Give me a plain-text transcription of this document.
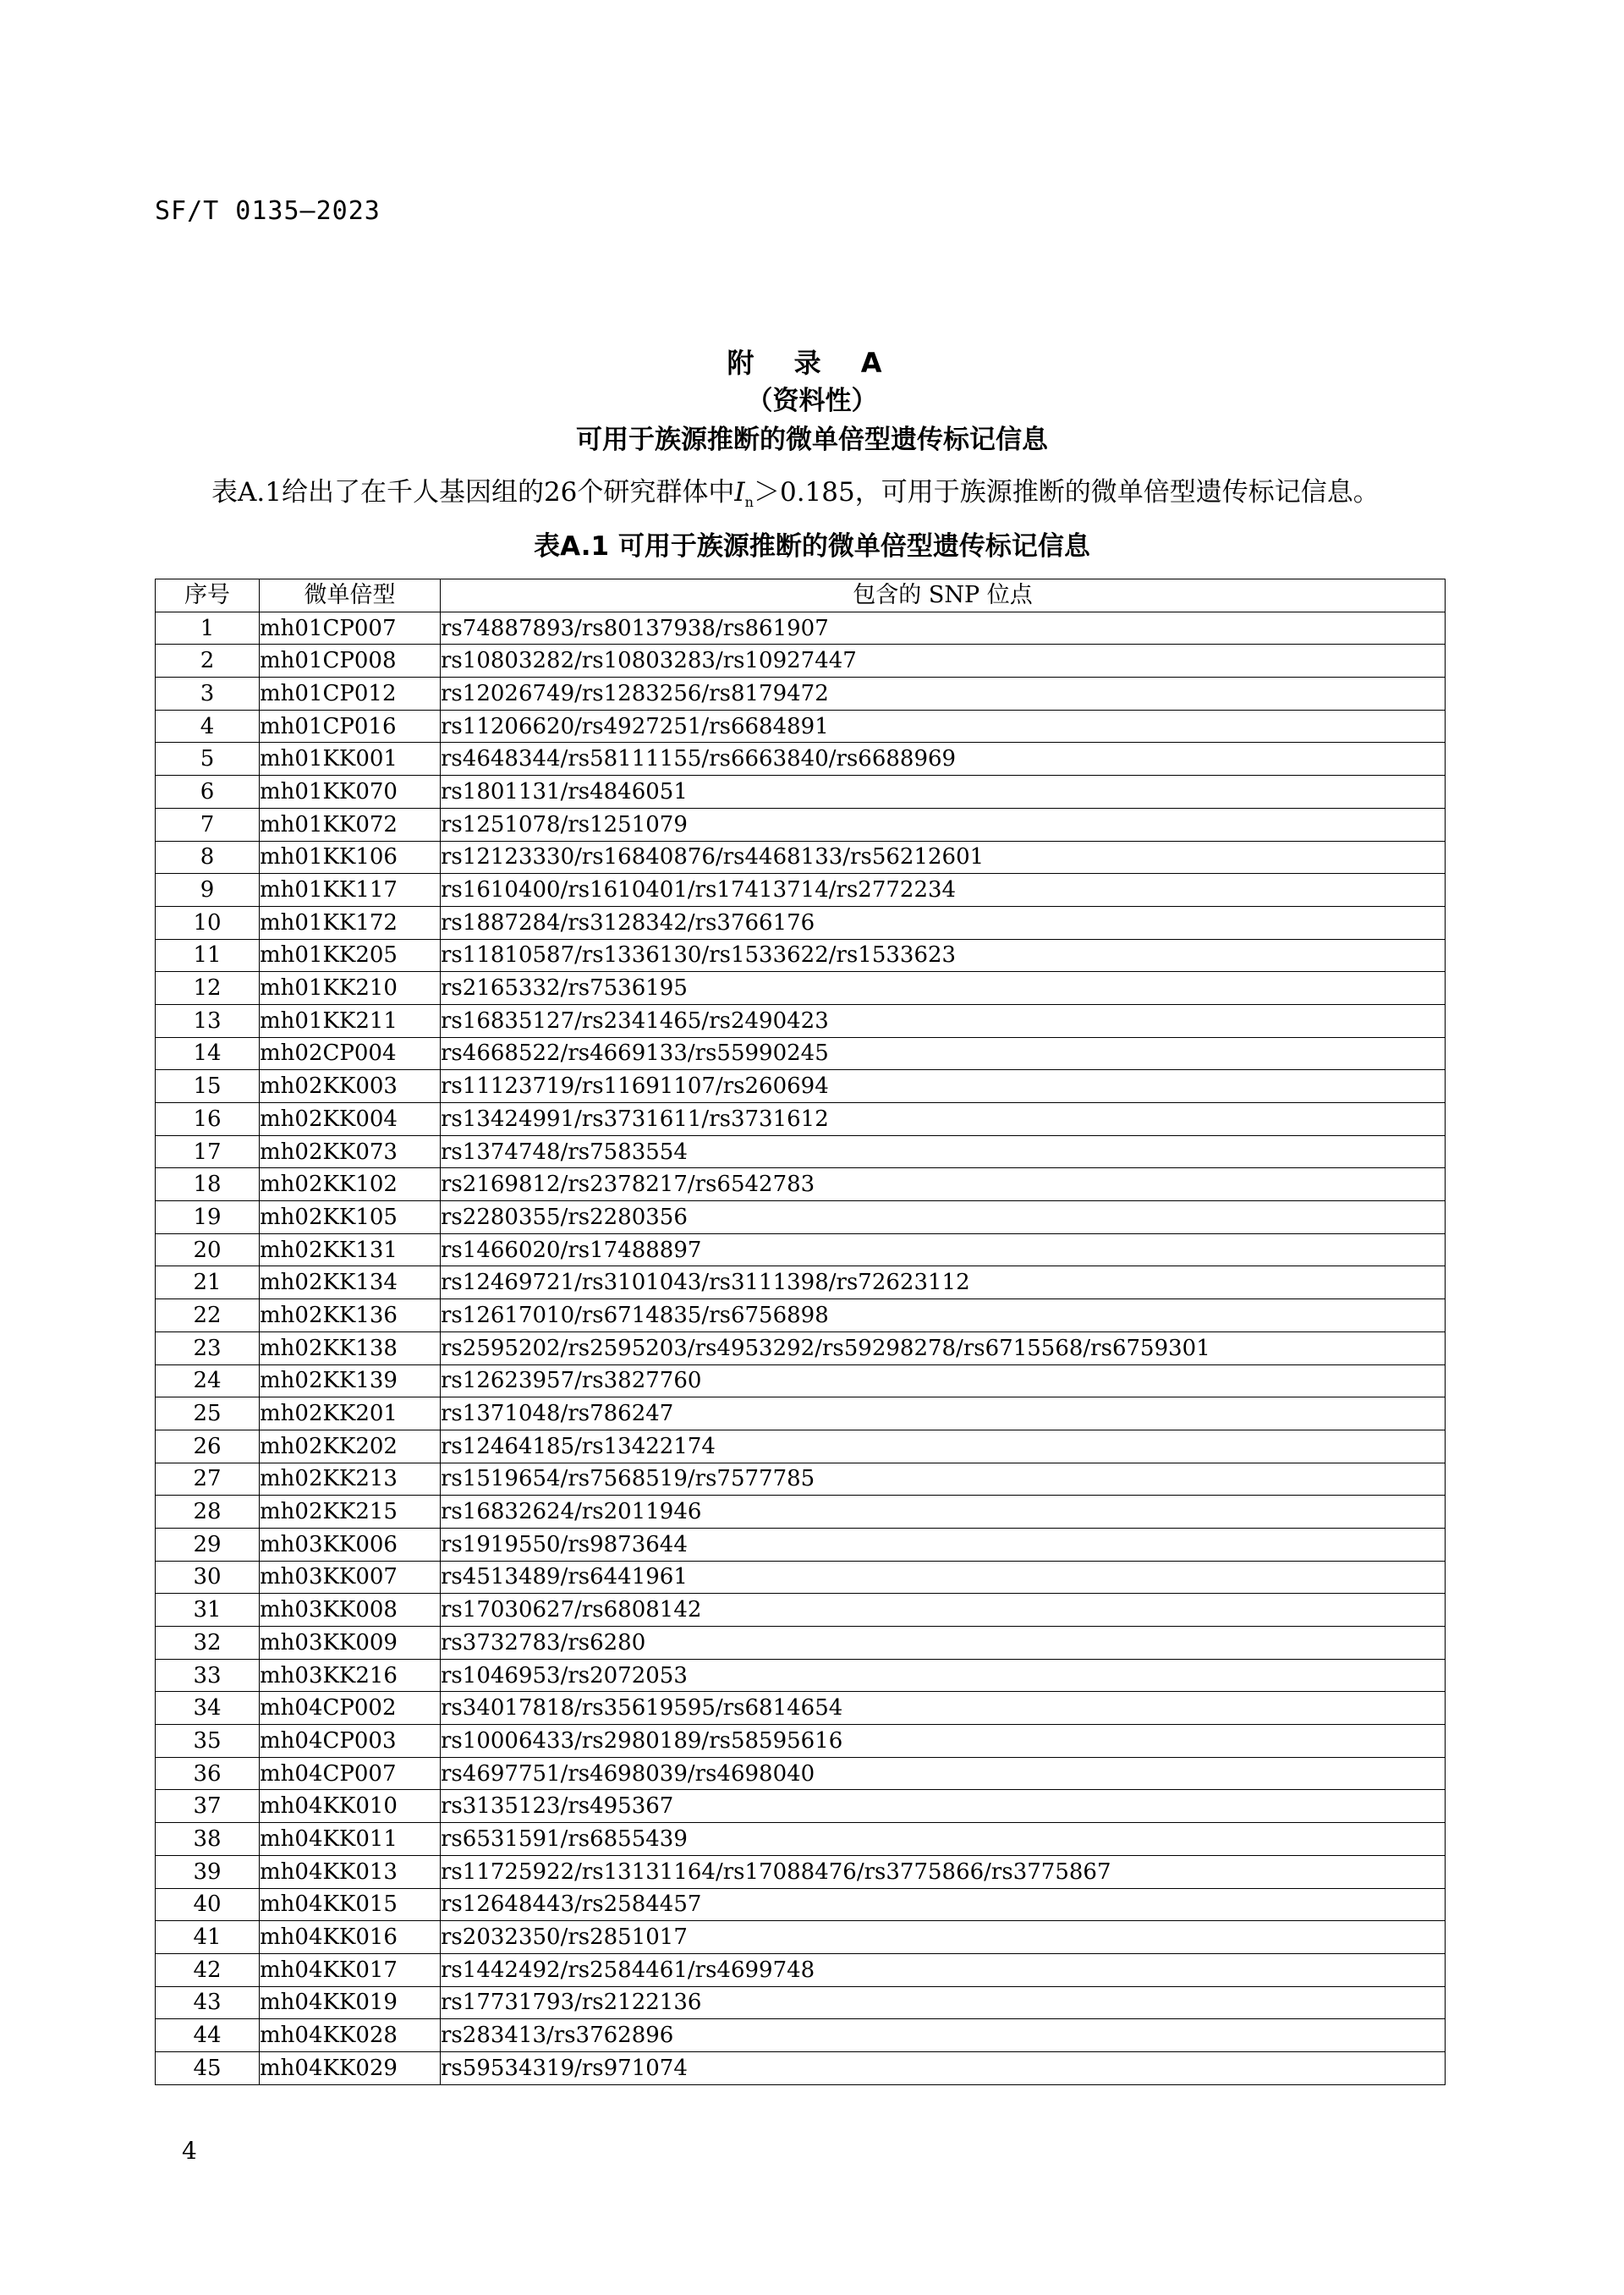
SF/T 0135—2023
附 录 A
（资料性）
可用于族源推断的微单倍型遗传标记信息
表A.1给出了在千人基因组的26个研究群体中$I_n>0.185$，可用于族源推断的微单倍型遗传标记信息。
表A.1 可用于族源推断的微单倍型遗传标记信息
序号	微单倍型	包含的 SNP 位点
1	mh01CP007	rs74887893/rs80137938/rs861907
2	mh01CP008	rs10803282/rs10803283/rs10927447
3	mh01CP012	rs12026749/rs1283256/rs8179472
4	mh01CP016	rs11206620/rs4927251/rs6684891
5	mh01KK001	rs4648344/rs58111155/rs6663840/rs6688969
6	mh01KK070	rs1801131/rs4846051
7	mh01KK072	rs1251078/rs1251079
8	mh01KK106	rs12123330/rs16840876/rs4468133/rs56212601
9	mh01KK117	rs1610400/rs1610401/rs17413714/rs2772234
10	mh01KK172	rs1887284/rs3128342/rs3766176
11	mh01KK205	rs11810587/rs1336130/rs1533622/rs1533623
12	mh01KK210	rs2165332/rs7536195
13	mh01KK211	rs16835127/rs2341465/rs2490423
14	mh02CP004	rs4668522/rs4669133/rs55990245
15	mh02KK003	rs11123719/rs11691107/rs260694
16	mh02KK004	rs13424991/rs3731611/rs3731612
17	mh02KK073	rs1374748/rs7583554
18	mh02KK102	rs2169812/rs2378217/rs6542783
19	mh02KK105	rs2280355/rs2280356
20	mh02KK131	rs1466020/rs17488897
21	mh02KK134	rs12469721/rs3101043/rs3111398/rs72623112
22	mh02KK136	rs12617010/rs6714835/rs6756898
23	mh02KK138	rs2595202/rs2595203/rs4953292/rs59298278/rs6715568/rs6759301
24	mh02KK139	rs12623957/rs3827760
25	mh02KK201	rs1371048/rs786247
26	mh02KK202	rs12464185/rs13422174
27	mh02KK213	rs1519654/rs7568519/rs7577785
28	mh02KK215	rs16832624/rs2011946
29	mh03KK006	rs1919550/rs9873644
30	mh03KK007	rs4513489/rs6441961
31	mh03KK008	rs17030627/rs6808142
32	mh03KK009	rs3732783/rs6280
33	mh03KK216	rs1046953/rs2072053
34	mh04CP002	rs34017818/rs35619595/rs6814654
35	mh04CP003	rs10006433/rs2980189/rs58595616
36	mh04CP007	rs4697751/rs4698039/rs4698040
37	mh04KK010	rs3135123/rs495367
38	mh04KK011	rs6531591/rs6855439
39	mh04KK013	rs11725922/rs13131164/rs17088476/rs3775866/rs3775867
40	mh04KK015	rs12648443/rs2584457
41	mh04KK016	rs2032350/rs2851017
42	mh04KK017	rs1442492/rs2584461/rs4699748
43	mh04KK019	rs17731793/rs2122136
44	mh04KK028	rs283413/rs3762896
45	mh04KK029	rs59534319/rs971074
4
